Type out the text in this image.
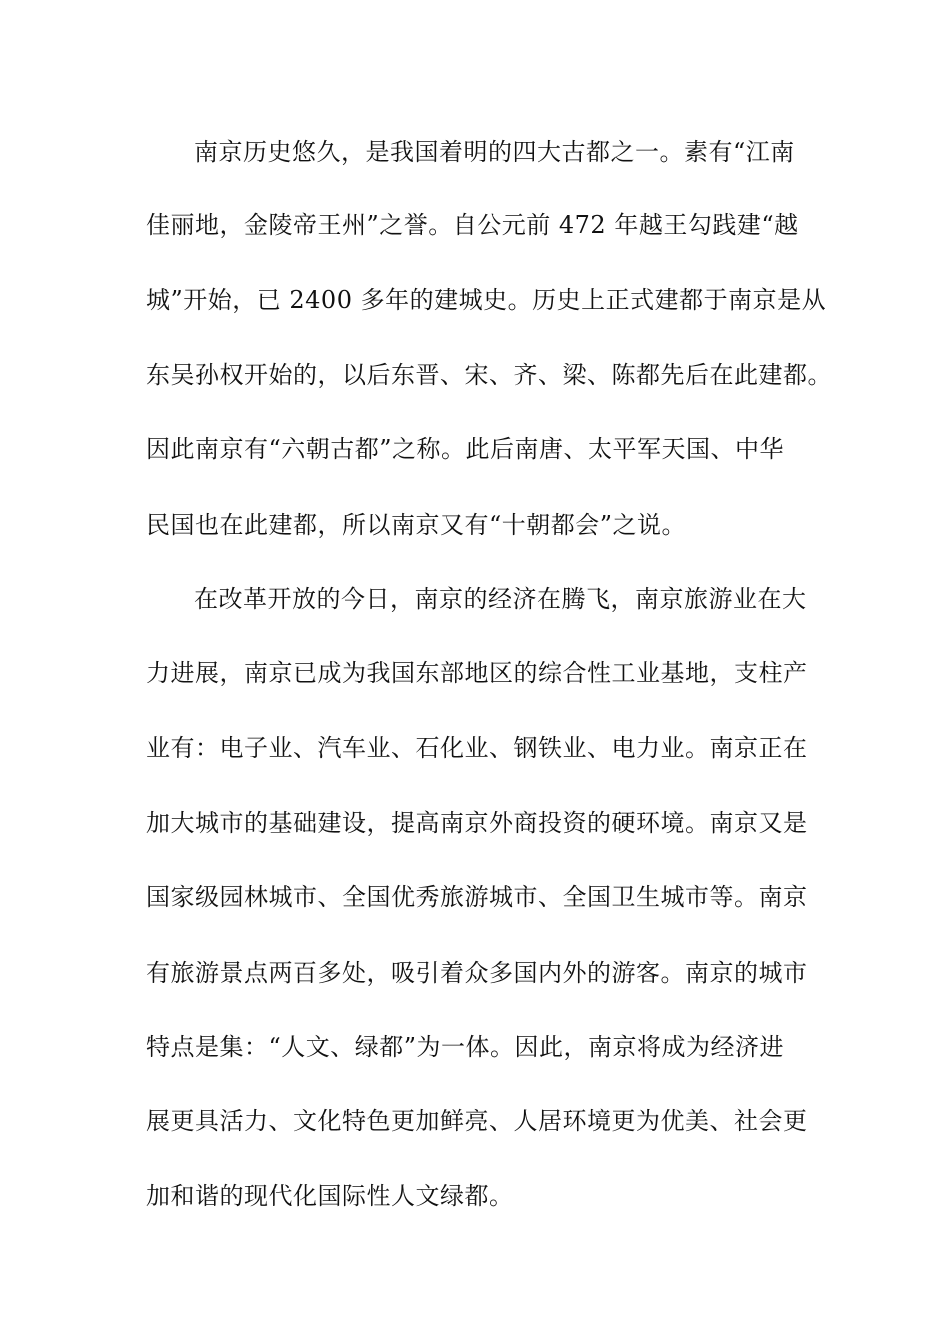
南京历史悠久，是我国着明的四大古都之一。素有“江南
佳丽地，金陵帝王州”之誉。自公元前 472 年越王勾践建“越
城”开始，已 2400 多年的建城史。历史上正式建都于南京是从
东吴孙权开始的，以后东晋、宋、齐、梁、陈都先后在此建都。
因此南京有“六朝古都”之称。此后南唐、太平军天国、中华
民国也在此建都，所以南京又有“十朝都会”之说。
在改革开放的今日，南京的经济在腾飞，南京旅游业在大
力进展，南京已成为我国东部地区的综合性工业基地，支柱产
业有：电子业、汽车业、石化业、钢铁业、电力业。南京正在
加大城市的基础建设，提高南京外商投资的硬环境。南京又是
国家级园林城市、全国优秀旅游城市、全国卫生城市等。南京
有旅游景点两百多处，吸引着众多国内外的游客。南京的城市
特点是集：“人文、绿都”为一体。因此，南京将成为经济进
展更具活力、文化特色更加鲜亮、人居环境更为优美、社会更
加和谐的现代化国际性人文绿都。
